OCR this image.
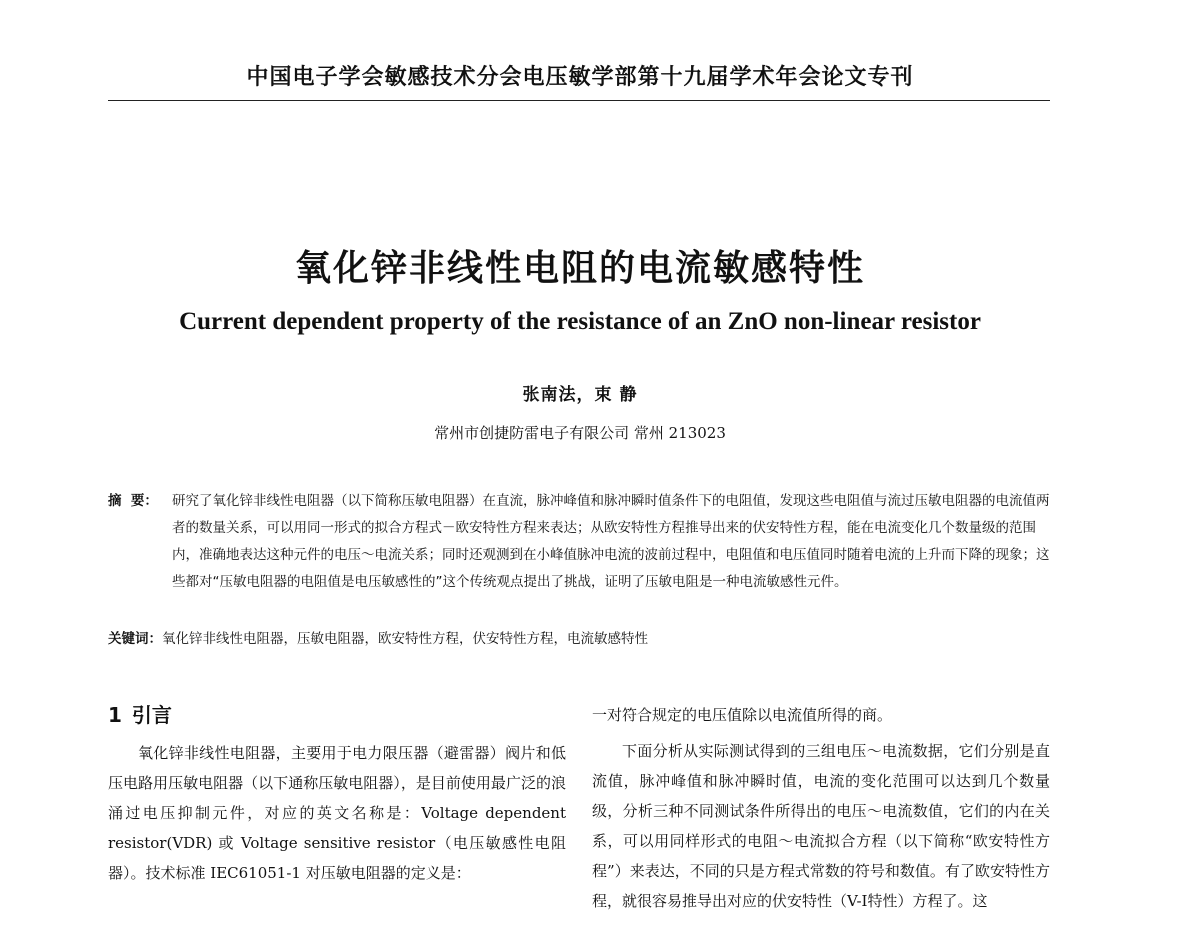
中国电子学会敏感技术分会电压敏学部第十九届学术年会论文专刊
氧化锌非线性电阻的电流敏感特性
Current dependent property of the resistance of an ZnO non-linear resistor
张南法，束 静
常州市创捷防雷电子有限公司 常州 213023
摘  要： 研究了氧化锌非线性电阻器（以下简称压敏电阻器）在直流，脉冲峰值和脉冲瞬时值条件下的电阻值，发现这些电阻值与流过压敏电阻器的电流值两者的数量关系，可以用同一形式的拟合方程式－欧安特性方程来表达；从欧安特性方程推导出来的伏安特性方程，能在电流变化几个数量级的范围内，准确地表达这种元件的电压～电流关系；同时还观测到在小峰值脉冲电流的波前过程中，电阻值和电压值同时随着电流的上升而下降的现象；这些都对“压敏电阻器的电阻值是电压敏感性的”这个传统观点提出了挑战，证明了压敏电阻是一种电流敏感性元件。
关键词：氧化锌非线性电阻器，压敏电阻器，欧安特性方程，伏安特性方程，电流敏感特性
1 引言

氧化锌非线性电阻器，主要用于电力限压器（避雷器）阀片和低压电路用压敏电阻器（以下通称压敏电阻器），是目前使用最广泛的浪涌过电压抑制元件，对应的英文名称是：Voltage dependent resistor(VDR) 或 Voltage sensitive resistor（电压敏感性电阻器）。技术标准 IEC61051-1 对压敏电阻器的定义是：

一对符合规定的电压值除以电流值所得的商。

下面分析从实际测试得到的三组电压～电流数据，它们分别是直流值，脉冲峰值和脉冲瞬时值，电流的变化范围可以达到几个数量级，分析三种不同测试条件所得出的电压～电流数值，它们的内在关系，可以用同样形式的电阻～电流拟合方程（以下简称“欧安特性方程”）来表达，不同的只是方程式常数的符号和数值。有了欧安特性方程，就很容易推导出对应的伏安特性（V-I特性）方程了。这
